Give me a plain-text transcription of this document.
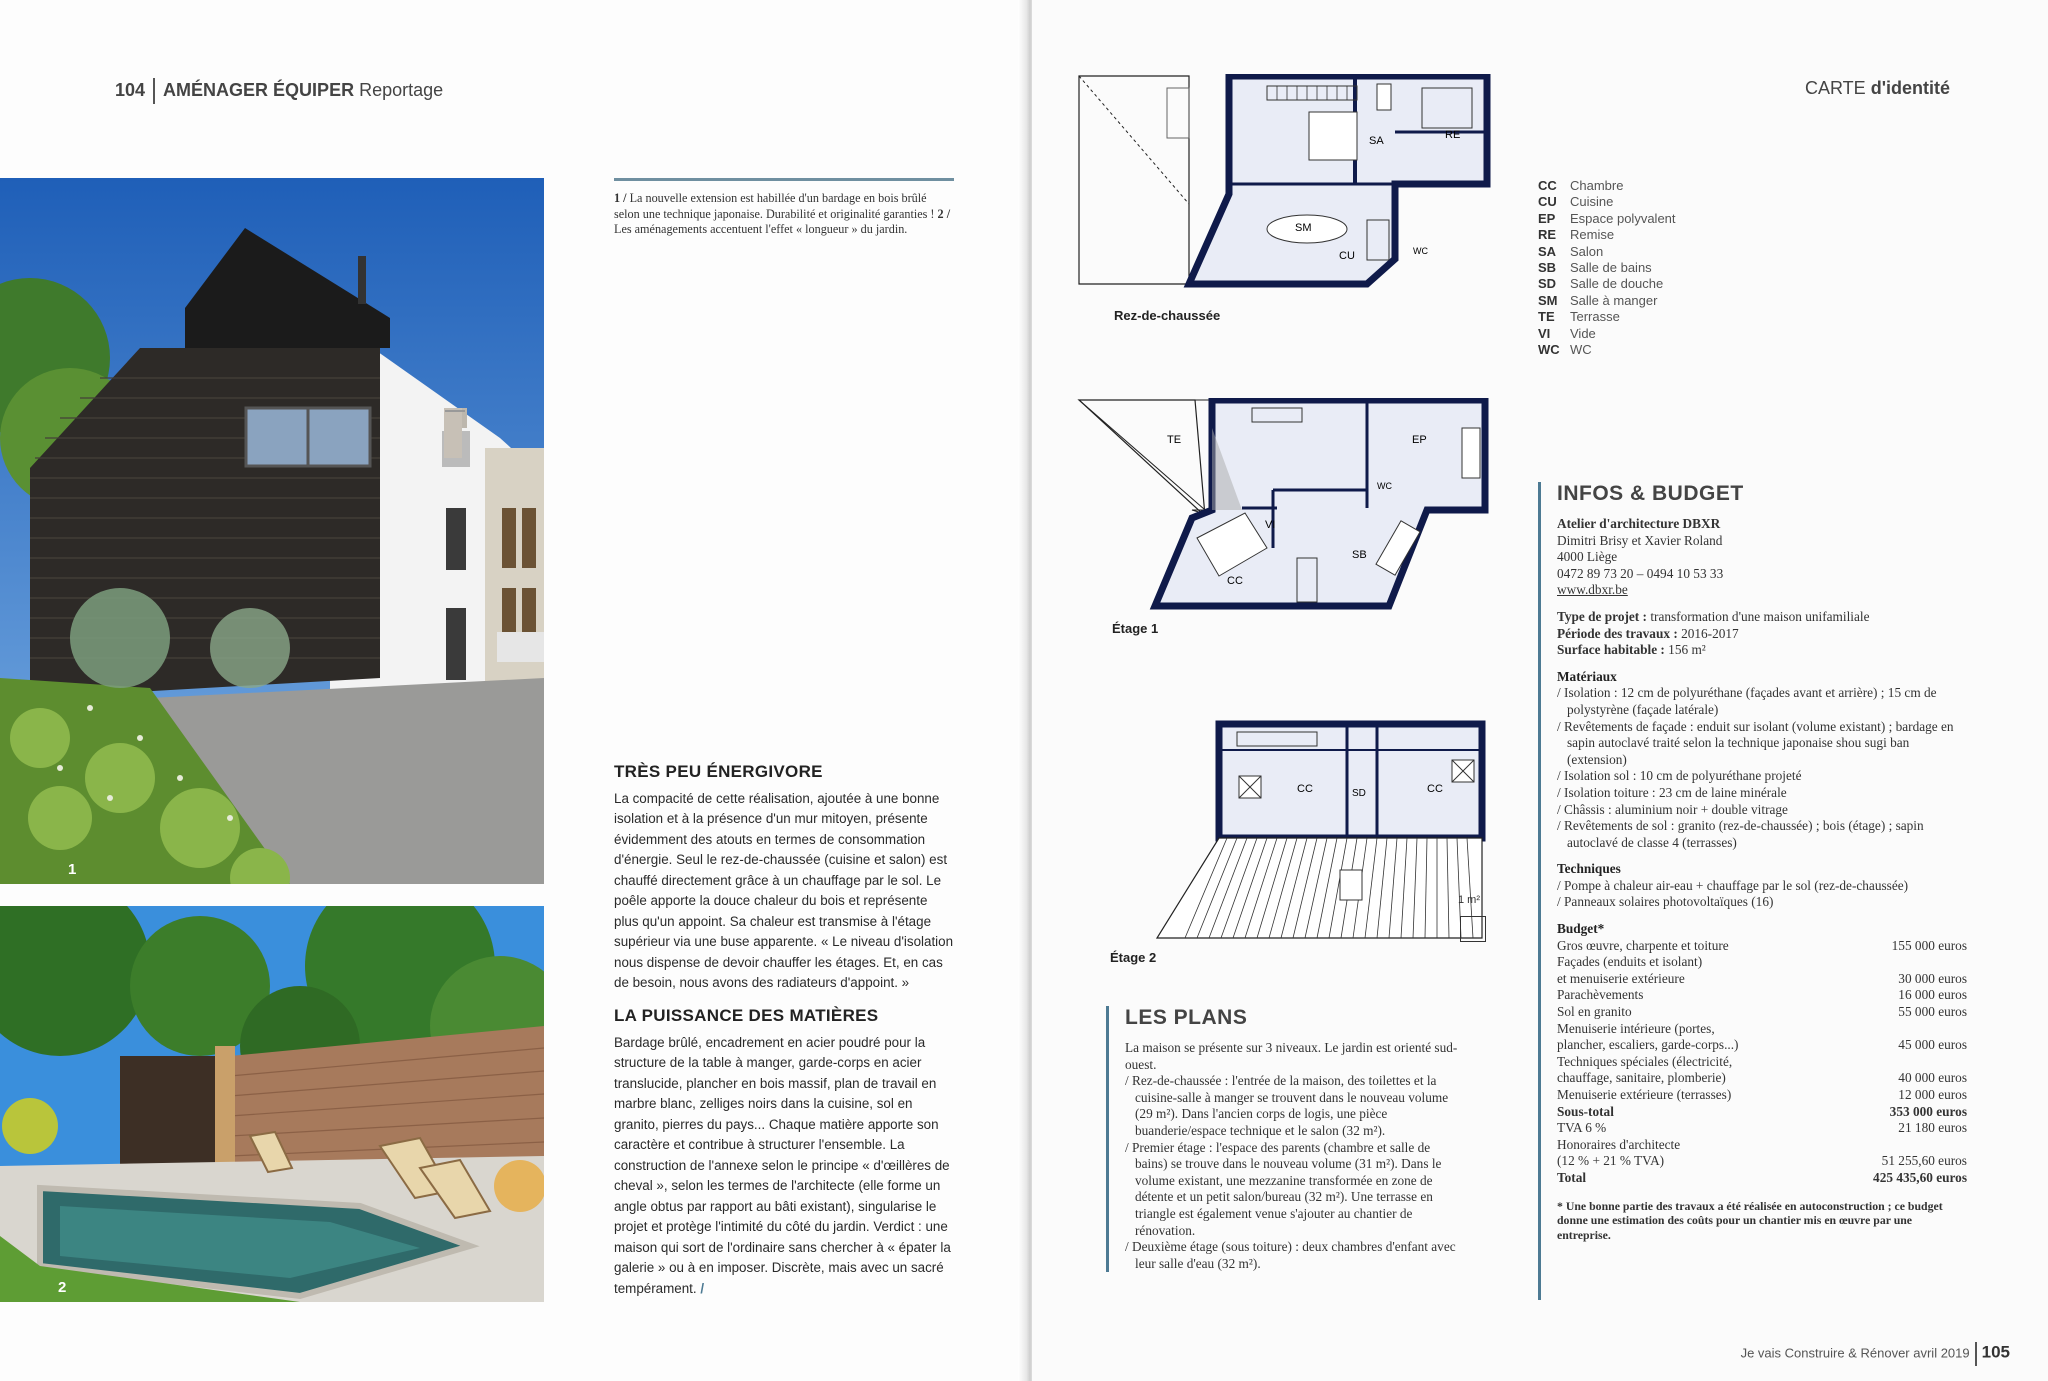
104 AMÉNAGER ÉQUIPER Reportage
1
2
1 / La nouvelle extension est habillée d'un bardage en bois brûlé selon une technique japonaise. Durabilité et originalité garanties ! 2 / Les aménagements accentuent l'effet « longueur » du jardin.
TRÈS PEU ÉNERGIVORE

La compacité de cette réalisation, ajoutée à une bonne isolation et à la présence d'un mur mitoyen, présente évidemment des atouts en termes de consommation d'énergie. Seul le rez-de-chaussée (cuisine et salon) est chauffé directement grâce à un chauffage par le sol. Le poêle apporte la douce chaleur du bois et représente plus qu'un appoint. Sa chaleur est transmise à l'étage supérieur via une buse apparente. « Le niveau d'isolation nous dispense de devoir chauffer les étages. Et, en cas de besoin, nous avons des radiateurs d'appoint. »

LA PUISSANCE DES MATIÈRES

Bardage brûlé, encadrement en acier poudré pour la structure de la table à manger, garde-corps en acier translucide, plancher en bois massif, plan de travail en marbre blanc, zelliges noirs dans la cuisine, sol en granito, pierres du pays... Chaque matière apporte son caractère et contribue à structurer l'ensemble. La construction de l'annexe selon le principe « d'œillères de cheval », selon les termes de l'architecte (elle forme un angle obtus par rapport au bâti existant), singularise le projet et protège l'intimité du côté du jardin. Verdict : une maison qui sort de l'ordinaire sans chercher à « épater la galerie » ou à en imposer. Discrète, mais avec un sacré tempérament. /

CARTE d'identité
SA	RE
SM
CU	WC
Rez-de-chaussée
TE	EP
VI
WC
SB
CC
Étage 1
CC	SD	CC
Étage 2
1 m²
CC	Chambre
CU	Cuisine
EP	Espace polyvalent
RE	Remise
SA	Salon
SB	Salle de bains
SD	Salle de douche
SM Salle à manger
TE	Terrasse
VI	Vide
WC WC
LES PLANS
La maison se présente sur 3 niveaux. Le jardin est orienté sud-ouest.
/ Rez-de-chaussée : l'entrée de la maison, des toilettes et la cuisine-salle à manger se trouvent dans le nouveau volume (29 m²). Dans l'ancien corps de logis, une pièce buanderie/espace technique et le salon (32 m²).
/ Premier étage : l'espace des parents (chambre et salle de bains) se trouve dans le nouveau volume (31 m²). Dans le volume existant, une mezzanine transformée en zone de détente et un petit salon/bureau (32 m²). Une terrasse en triangle est également venue s'ajouter au chantier de rénovation.
/ Deuxième étage (sous toiture) : deux chambres d'enfant avec leur salle d'eau (32 m²).
INFOS & BUDGET
Atelier d'architecture DBXR
Dimitri Brisy et Xavier Roland
4000 Liège
0472 89 73 20 – 0494 10 53 33
www.dbxr.be
Type de projet : transformation d'une maison unifamiliale
Période des travaux : 2016-2017
Surface habitable : 156 m²
Matériaux
/ Isolation : 12 cm de polyuréthane (façades avant et arrière) ; 15 cm de polystyrène (façade latérale)
/ Revêtements de façade : enduit sur isolant (volume existant) ; bardage en sapin autoclavé traité selon la technique japonaise shou sugi ban (extension)
/ Isolation sol : 10 cm de polyuréthane projeté
/ Isolation toiture : 23 cm de laine minérale
/ Châssis : aluminium noir + double vitrage
/ Revêtements de sol : granito (rez-de-chaussée) ; bois (étage) ; sapin autoclavé de classe 4 (terrasses)
Techniques
/ Pompe à chaleur air-eau + chauffage par le sol (rez-de-chaussée)
/ Panneaux solaires photovoltaïques (16)
Budget*
Gros œuvre, charpente et toiture	155 000 euros
Façades (enduits et isolant)
et menuiserie extérieure	30 000 euros
Parachèvements	16 000 euros
Sol en granito	55 000 euros
Menuiserie intérieure (portes,
plancher, escaliers, garde-corps...)	45 000 euros
Techniques spéciales (électricité,
chauffage, sanitaire, plomberie)	40 000 euros
Menuiserie extérieure (terrasses)	12 000 euros
Sous-total	353 000 euros
TVA 6 %	21 180 euros
Honoraires d'architecte
(12 % + 21 % TVA)	51 255,60 euros
Total	425 435,60 euros
* Une bonne partie des travaux a été réalisée en autoconstruction ; ce budget donne une estimation des coûts pour un chantier mis en œuvre par une entreprise.
Je vais Construire & Rénover avril 2019 105
